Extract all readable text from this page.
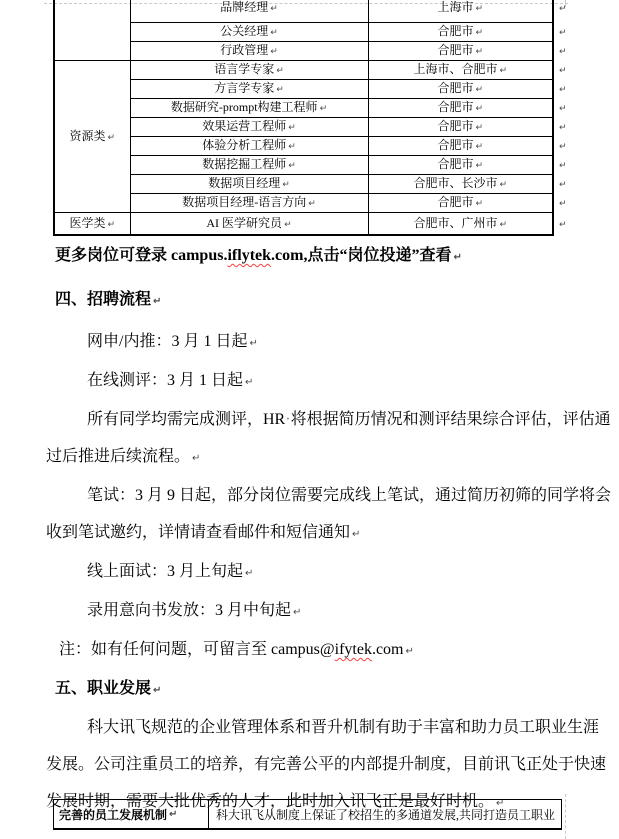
	品牌经理 ↵	上海市 ↵	↵
	公关经理 ↵	合肥市 ↵	↵
	行政管理 ↵	合肥市 ↵	↵
资源类 ↵	语言学专家 ↵	上海市、合肥市 ↵	↵
	方言学专家 ↵	合肥市 ↵	↵
	数据研究-prompt构建工程师 ↵	合肥市 ↵	↵
	效果运营工程师 ↵	合肥市 ↵	↵
	体验分析工程师 ↵	合肥市 ↵	↵
	数据挖掘工程师 ↵	合肥市 ↵	↵
	数据项目经理 ↵	合肥市、长沙市 ↵	↵
	数据项目经理-语言方向 ↵	合肥市 ↵	↵
医学类 ↵	AI 医学研究员 ↵	合肥市、广州市 ↵	↵
更多岗位可登录 campus.iflytek.com,点击“岗位投递”查看 ↵
四、招聘流程 ↵
网申/内推：3 月 1 日起 ↵
在线测评：3 月 1 日起 ↵
所有同学均需完成测评，HR·将根据简历情况和测评结果综合评估，评估通
过后推进后续流程。 ↵
笔试：3 月 9 日起，部分岗位需要完成线上笔试，通过简历初筛的同学将会
收到笔试邀约，详情请查看邮件和短信通知 ↵
线上面试：3 月上旬起 ↵
录用意向书发放：3 月中旬起 ↵
注：如有任何问题，可留言至 campus@ifytek.com ↵
五、职业发展 ↵
科大讯飞规范的企业管理体系和晋升机制有助于丰富和助力员工职业生涯
发展。公司注重员工的培养，有完善公平的内部提升制度，目前讯飞正处于快速
发展时期，需要大批优秀的人才，此时加入讯飞正是最好时机。 ↵
完善的员工发展机制 ↵	科大讯飞从制度上保证了校招生的多通道发展,共同打造员工职业
